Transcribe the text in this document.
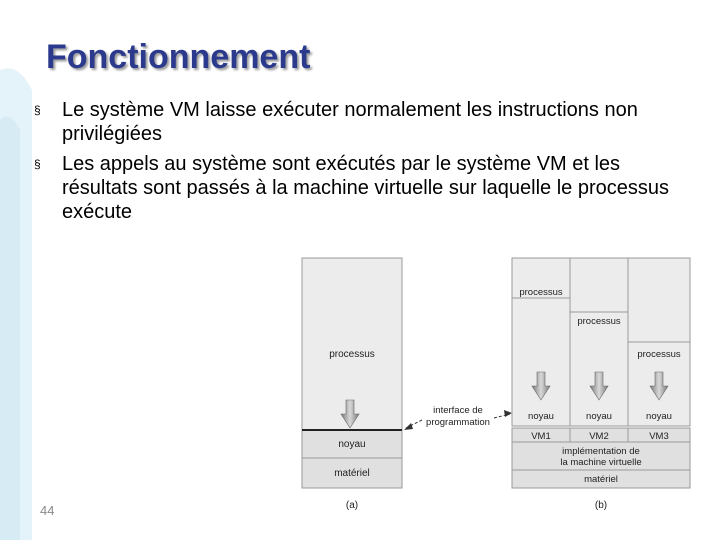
Fonctionnement
§ Le système VM laisse exécuter normalement les instructions non privilégiées
§ Les appels au système sont exécutés par le système VM et les résultats sont passés à la machine virtuelle sur laquelle le processus exécute
processus
noyau
matériel
(a)
interface de
programmation
processus
processus
processus
noyau	noyau	noyau
VM1	VM2	VM3
implémentation de
la machine virtuelle
matériel
(b)
44
